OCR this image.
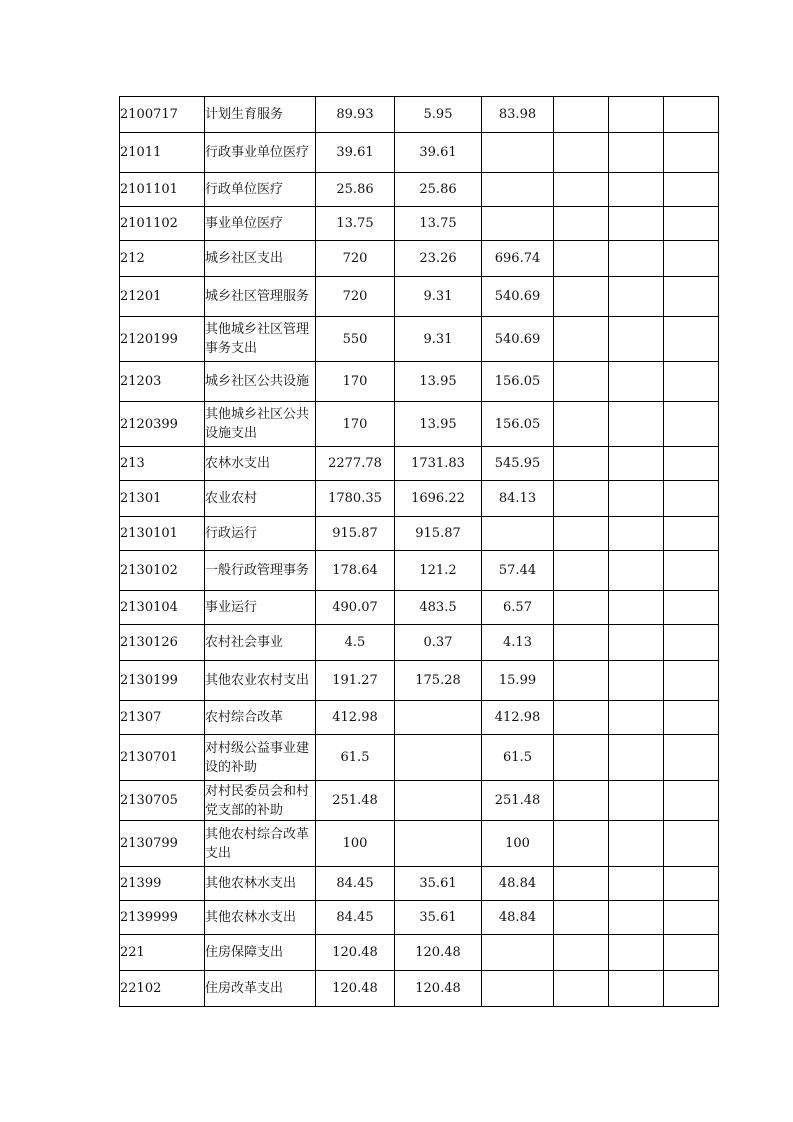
2100717	计划生育服务	89.93	5.95	83.98			
21011	行政事业单位医疗	39.61	39.61				
2101101	行政单位医疗	25.86	25.86				
2101102	事业单位医疗	13.75	13.75				
212	城乡社区支出	720	23.26	696.74			
21201	城乡社区管理服务	720	9.31	540.69			
2120199	其他城乡社区管理事务支出	550	9.31	540.69			
21203	城乡社区公共设施	170	13.95	156.05			
2120399	其他城乡社区公共设施支出	170	13.95	156.05			
213	农林水支出	2277.78	1731.83	545.95			
21301	农业农村	1780.35	1696.22	84.13			
2130101	行政运行	915.87	915.87				
2130102	一般行政管理事务	178.64	121.2	57.44			
2130104	事业运行	490.07	483.5	6.57			
2130126	农村社会事业	4.5	0.37	4.13			
2130199	其他农业农村支出	191.27	175.28	15.99			
21307	农村综合改革	412.98		412.98			
2130701	对村级公益事业建设的补助	61.5		61.5			
2130705	对村民委员会和村党支部的补助	251.48		251.48			
2130799	其他农村综合改革支出	100		100			
21399	其他农林水支出	84.45	35.61	48.84			
2139999	其他农林水支出	84.45	35.61	48.84			
221	住房保障支出	120.48	120.48				
22102	住房改革支出	120.48	120.48				
